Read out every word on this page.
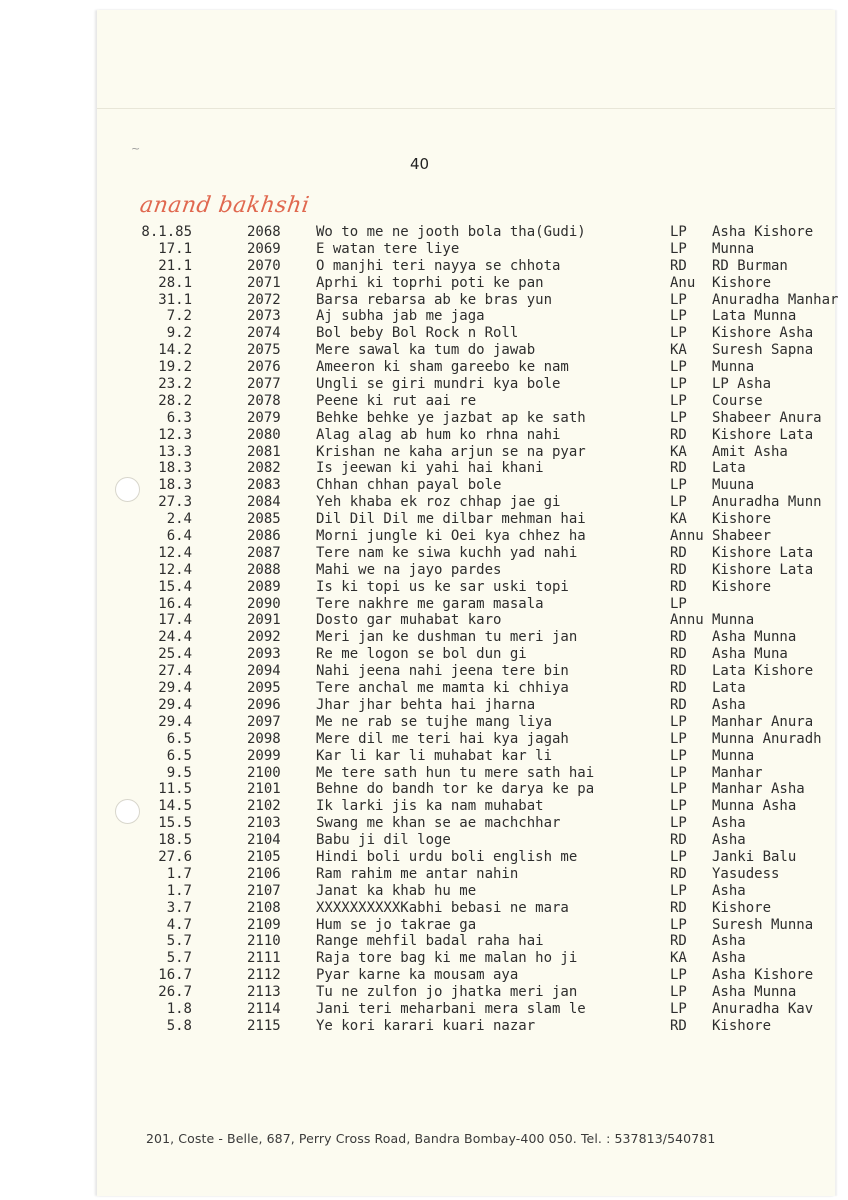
~
40
anand bakhshi
8.1.85	2068	Wo to me ne jooth bola tha(Gudi)	LP Asha Kishore
17.1	2069	E watan tere liye	LP Munna
21.1	2070	O manjhi teri nayya se chhota	RD RD Burman
28.1	2071	Aprhi ki toprhi poti ke pan	Anu Kishore
31.1	2072	Barsa rebarsa ab ke bras yun	LP Anuradha Manhar
7.2	2073	Aj subha jab me jaga	LP Lata Munna
9.2	2074	Bol beby Bol Rock n Roll	LP Kishore Asha
14.2	2075	Mere sawal ka tum do jawab	KA Suresh Sapna
19.2	2076	Ameeron ki sham gareebo ke nam	LP Munna
23.2	2077	Ungli se giri mundri kya bole	LP LP Asha
28.2	2078	Peene ki rut aai re	LP Course
6.3	2079	Behke behke ye jazbat ap ke sath	LP Shabeer Anura
12.3	2080	Alag alag ab hum ko rhna nahi	RD Kishore Lata
13.3	2081	Krishan ne kaha arjun se na pyar	KA Amit Asha
18.3	2082	Is jeewan ki yahi hai khani	RD Lata
18.3	2083	Chhan chhan payal bole	LP Muuna
27.3	2084	Yeh khaba ek roz chhap jae gi	LP Anuradha Munn
2.4	2085	Dil Dil Dil me dilbar mehman hai	KA Kishore
6.4	2086	Morni jungle ki Oei kya chhez ha	Annu Shabeer
12.4	2087	Tere nam ke siwa kuchh yad nahi	RD Kishore Lata
12.4	2088	Mahi we na jayo pardes	RD Kishore Lata
15.4	2089	Is ki topi us ke sar uski topi	RD Kishore
16.4	2090	Tere nakhre me garam masala	LP
17.4	2091	Dosto gar muhabat karo	Annu Munna
24.4	2092	Meri jan ke dushman tu meri jan	RD Asha Munna
25.4	2093	Re me logon se bol dun gi	RD Asha Muna
27.4	2094	Nahi jeena nahi jeena tere bin	RD Lata Kishore
29.4	2095	Tere anchal me mamta ki chhiya	RD Lata
29.4	2096	Jhar jhar behta hai jharna	RD Asha
29.4	2097	Me ne rab se tujhe mang liya	LP Manhar Anura
6.5	2098	Mere dil me teri hai kya jagah	LP Munna Anuradh
6.5	2099	Kar li kar li muhabat kar li	LP Munna
9.5	2100	Me tere sath hun tu mere sath hai	LP Manhar
11.5	2101	Behne do bandh tor ke darya ke pa	LP Manhar Asha
14.5	2102	Ik larki jis ka nam muhabat	LP Munna Asha
15.5	2103	Swang me khan se ae machchhar	LP Asha
18.5	2104	Babu ji dil loge	RD Asha
27.6	2105	Hindi boli urdu boli english me	LP Janki Balu
1.7	2106	Ram rahim me antar nahin	RD Yasudess
1.7	2107	Janat ka khab hu me	LP Asha
3.7	2108	XXXXXXXXXXKabhi bebasi ne mara	RD Kishore
4.7	2109	Hum se jo takrae ga	LP Suresh Munna
5.7	2110	Range mehfil badal raha hai	RD Asha
5.7	2111	Raja tore bag ki me malan ho ji	KA Asha
16.7	2112	Pyar karne ka mousam aya	LP Asha Kishore
26.7	2113	Tu ne zulfon jo jhatka meri jan	LP Asha Munna
1.8	2114	Jani teri meharbani mera slam le	LP Anuradha Kav
5.8	2115	Ye kori karari kuari nazar	RD Kishore
201, Coste - Belle, 687, Perry Cross Road, Bandra Bombay-400 050. Tel. : 537813/540781
